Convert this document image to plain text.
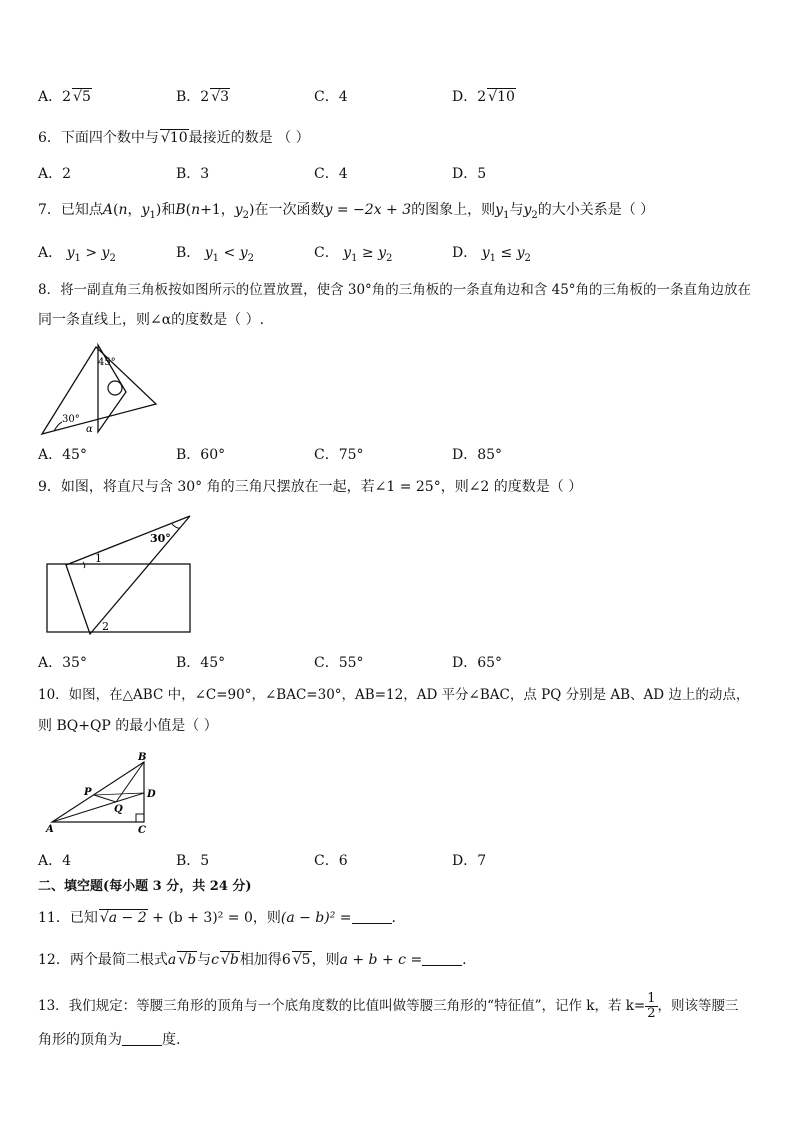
A．2 √5	B．2 √3	C．4	D．2 √10
6．下面四个数中与 √10最接近的数是 （ ）
A．2	B．3	C．4	D．5
7．已知点A(n，$y_1$)和B(n+1，$y_2$)在一次函数y = −2x + 3的图象上，则$y_1$与$y_2$的大小关系是（ ）
A． $y_1 > y_2$	B． $y_1 < y_2$	C． $y_1 \ge y_2$	D． $y_1 \le y_2$
8．将一副直角三角板按如图所示的位置放置，使含 30°角的三角板的一条直角边和含 45°角的三角板的一条直角边放在
同一条直线上，则∠α的度数是（ ）.
45°
30°
α
A．45°	B．60°	C．75°	D．85°
9．如图，将直尺与含 30° 角的三角尺摆放在一起，若∠1 = 25°，则∠2 的度数是（ ）
30°
1
2
A．35°	B．45°	C．55°	D．65°
10．如图，在△ABC 中，∠C=90°，∠BAC=30°，AB=12，AD 平分∠BAC，点 PQ 分别是 AB、AD 边上的动点，
则 BQ+QP 的最小值是（ ）
A
B
C
D
P
Q
A．4	B．5	C．6	D．7
二、填空题(每小题 3 分，共 24 分)
11．已知 √a − 2 + (b + 3)² = 0，则(a − b)² =	.
12．两个最简二根式a √b与c √b相加得6 √5，则a + b + c =	.
13．我们规定：等腰三角形的顶角与一个底角度数的比值叫做等腰三角形的“特征值”，记作 k，若 $k= \frac{1}{2}$ ，则该等腰三
角形的顶角为	度.
